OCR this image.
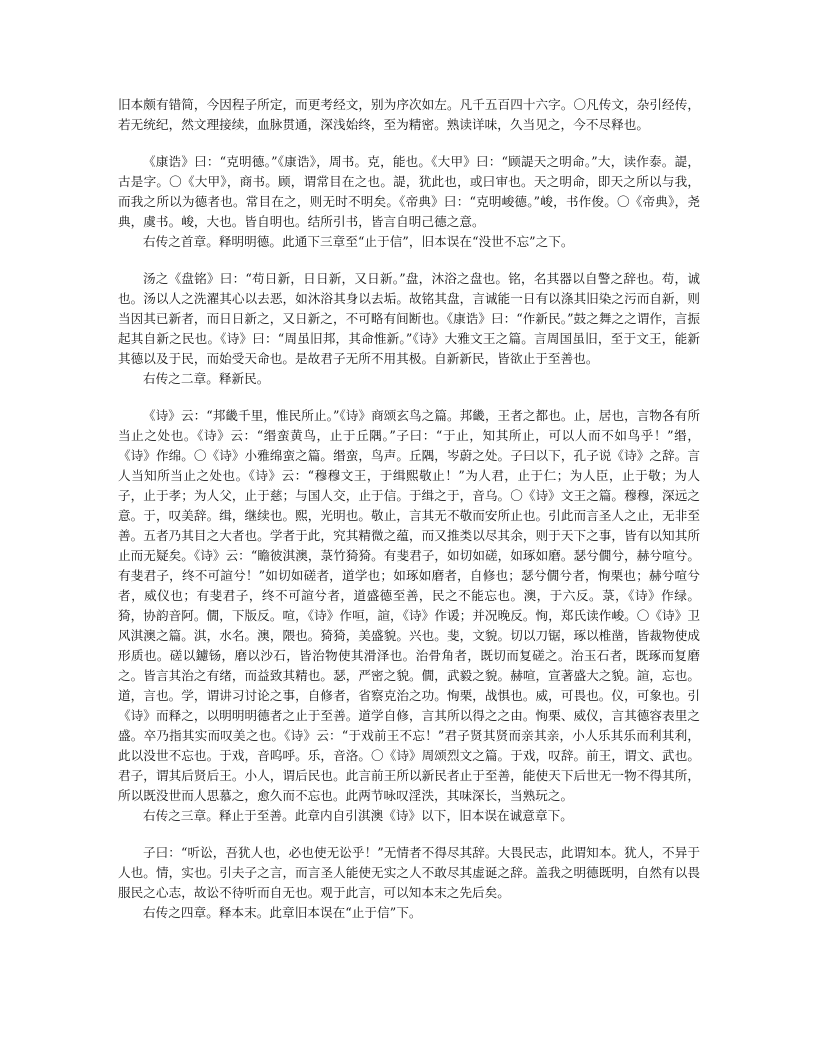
旧本颇有错简，今因程子所定，而更考经文，别为序次如左。凡千五百四十六字。〇凡传文，杂引经传，若无统纪，然文理接续，血脉贯通，深浅始终，至为精密。熟读详味，久当见之，今不尽释也。

《康诰》曰：“克明德。”《康诰》，周书。克，能也。《大甲》曰：“顾諟天之明命。”大，读作泰。諟，古是字。〇《大甲》，商书。顾，谓常目在之也。諟，犹此也，或曰审也。天之明命，即天之所以与我，而我之所以为德者也。常目在之，则无时不明矣。《帝典》曰：“克明峻德。”峻，书作俊。〇《帝典》，尧典，虞书。峻，大也。皆自明也。结所引书，皆言自明己德之意。

右传之首章。释明明德。此通下三章至“止于信”，旧本误在“没世不忘”之下。

汤之《盘铭》曰：“苟日新，日日新，又日新。”盘，沐浴之盘也。铭，名其器以自警之辞也。苟，诚也。汤以人之洗濯其心以去恶，如沐浴其身以去垢。故铭其盘，言诚能一日有以涤其旧染之污而自新，则当因其已新者，而日日新之，又日新之，不可略有间断也。《康诰》曰：“作新民。”鼓之舞之之谓作，言振起其自新之民也。《诗》曰：“周虽旧邦，其命惟新。”《诗》大雅文王之篇。言周国虽旧，至于文王，能新其德以及于民，而始受天命也。是故君子无所不用其极。自新新民，皆欲止于至善也。

右传之二章。释新民。

《诗》云：“邦畿千里，惟民所止。”《诗》商颂玄鸟之篇。邦畿，王者之都也。止，居也，言物各有所当止之处也。《诗》云：“缗蛮黄鸟，止于丘隅。”子曰：“于止，知其所止，可以人而不如鸟乎！”缗，《诗》作绵。〇《诗》小雅绵蛮之篇。缗蛮，鸟声。丘隅，岑蔚之处。子曰以下，孔子说《诗》之辞。言人当知所当止之处也。《诗》云：“穆穆文王，于缉熙敬止！”为人君，止于仁；为人臣，止于敬；为人子，止于孝；为人父，止于慈；与国人交，止于信。于缉之于，音乌。〇《诗》文王之篇。穆穆，深远之意。于，叹美辞。缉，继续也。熙，光明也。敬止，言其无不敬而安所止也。引此而言圣人之止，无非至善。五者乃其目之大者也。学者于此，究其精微之蕴，而又推类以尽其余，则于天下之事，皆有以知其所止而无疑矣。《诗》云：“瞻彼淇澳，菉竹猗猗。有斐君子，如切如磋，如琢如磨。瑟兮僩兮，赫兮喧兮。有斐君子，终不可諠兮！”如切如磋者，道学也；如琢如磨者，自修也；瑟兮僩兮者，恂栗也；赫兮喧兮者，威仪也；有斐君子，终不可諠兮者，道盛德至善，民之不能忘也。澳，于六反。菉，《诗》作绿。猗，协韵音阿。僩，下版反。喧，《诗》作咺，諠，《诗》作谖；并况晚反。恂，郑氏读作峻。〇《诗》卫风淇澳之篇。淇，水名。澳，隈也。猗猗，美盛貌。兴也。斐，文貌。切以刀锯，琢以椎凿，皆裁物使成形质也。磋以鑢钖，磨以沙石，皆治物使其滑泽也。治骨角者，既切而复磋之。治玉石者，既琢而复磨之。皆言其治之有绪，而益致其精也。瑟，严密之貌。僩，武毅之貌。赫喧，宣著盛大之貌。諠，忘也。道，言也。学，谓讲习讨论之事，自修者，省察克治之功。恂栗，战惧也。威，可畏也。仪，可象也。引《诗》而释之，以明明明德者之止于至善。道学自修，言其所以得之之由。恂栗、威仪，言其德容表里之盛。卒乃指其实而叹美之也。《诗》云：“于戏前王不忘！”君子贤其贤而亲其亲，小人乐其乐而利其利，此以没世不忘也。于戏，音呜呼。乐，音洛。〇《诗》周颂烈文之篇。于戏，叹辞。前王，谓文、武也。君子，谓其后贤后王。小人，谓后民也。此言前王所以新民者止于至善，能使天下后世无一物不得其所，所以既没世而人思慕之，愈久而不忘也。此两节咏叹淫泆，其味深长，当熟玩之。

右传之三章。释止于至善。此章内自引淇澳《诗》以下，旧本误在诚意章下。

子曰：“听讼，吾犹人也，必也使无讼乎！”无情者不得尽其辞。大畏民志，此谓知本。犹人，不异于人也。情，实也。引夫子之言，而言圣人能使无实之人不敢尽其虚诞之辞。盖我之明德既明，自然有以畏服民之心志，故讼不待听而自无也。观于此言，可以知本末之先后矣。

右传之四章。释本末。此章旧本误在“止于信”下。
